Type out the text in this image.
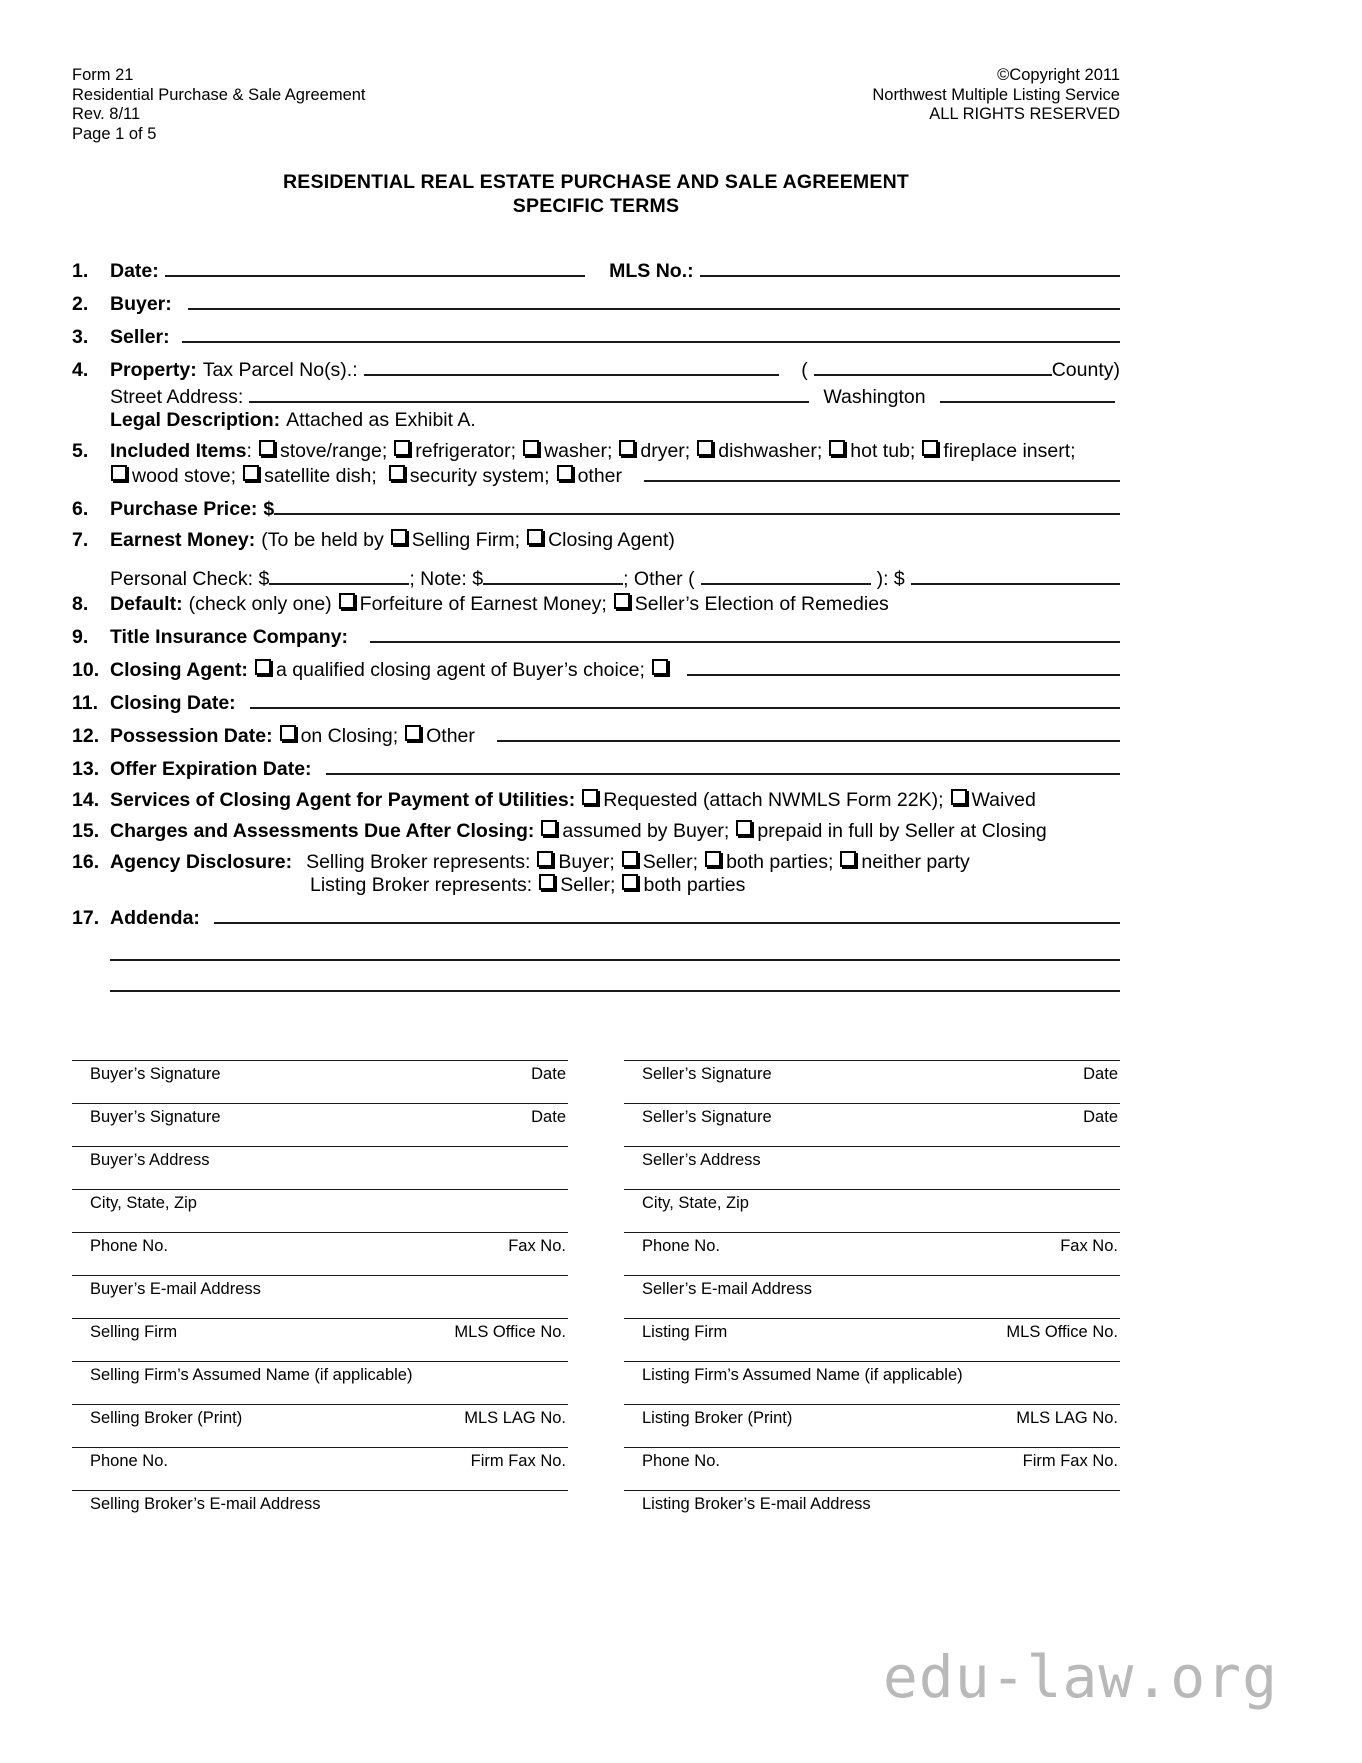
Form 21
Residential Purchase & Sale Agreement
Rev. 8/11
Page 1 of 5
©Copyright 2011
Northwest Multiple Listing Service
ALL RIGHTS RESERVED
RESIDENTIAL REAL ESTATE PURCHASE AND SALE AGREEMENT
SPECIFIC TERMS
1.	Date:	MLS No.:
2.	Buyer:
3.	Seller:
4.	Property: Tax Parcel No(s).:	(	County)
Street Address:	Washington
Legal Description: Attached as Exhibit A.
5.	Included Items : stove/range; refrigerator; washer; dryer; dishwasher; hot tub; fireplace insert;
wood stove; satellite dish; security system; other
6.	Purchase Price: $
7.	Earnest Money: (To be held by Selling Firm; Closing Agent)
Personal Check: $	; Note: $	; Other (	): $
8.	Default: (check only one) Forfeiture of Earnest Money; Seller’s Election of Remedies
9.	Title Insurance Company:
10. Closing Agent: a qualified closing agent of Buyer’s choice;
11. Closing Date:
12. Possession Date: on Closing; Other
13. Offer Expiration Date:
14. Services of Closing Agent for Payment of Utilities: Requested (attach NWMLS Form 22K); Waived
15. Charges and Assessments Due After Closing: assumed by Buyer; prepaid in full by Seller at Closing
16. Agency Disclosure: Selling Broker represents: Buyer; Seller; both parties; neither party
Listing Broker represents: Seller; both parties
17. Addenda:
Buyer’s Signature	Date
Buyer’s Signature	Date
Buyer’s Address
City, State, Zip
Phone No.	Fax No.
Buyer’s E-mail Address
Selling Firm	MLS Office No.
Selling Firm’s Assumed Name (if applicable)
Selling Broker (Print)	MLS LAG No.
Phone No.	Firm Fax No.
Selling Broker’s E-mail Address
Seller’s Signature	Date
Seller’s Signature	Date
Seller’s Address
City, State, Zip
Phone No.	Fax No.
Seller’s E-mail Address
Listing Firm	MLS Office No.
Listing Firm’s Assumed Name (if applicable)
Listing Broker (Print)	MLS LAG No.
Phone No.	Firm Fax No.
Listing Broker’s E-mail Address
edu-law.org
